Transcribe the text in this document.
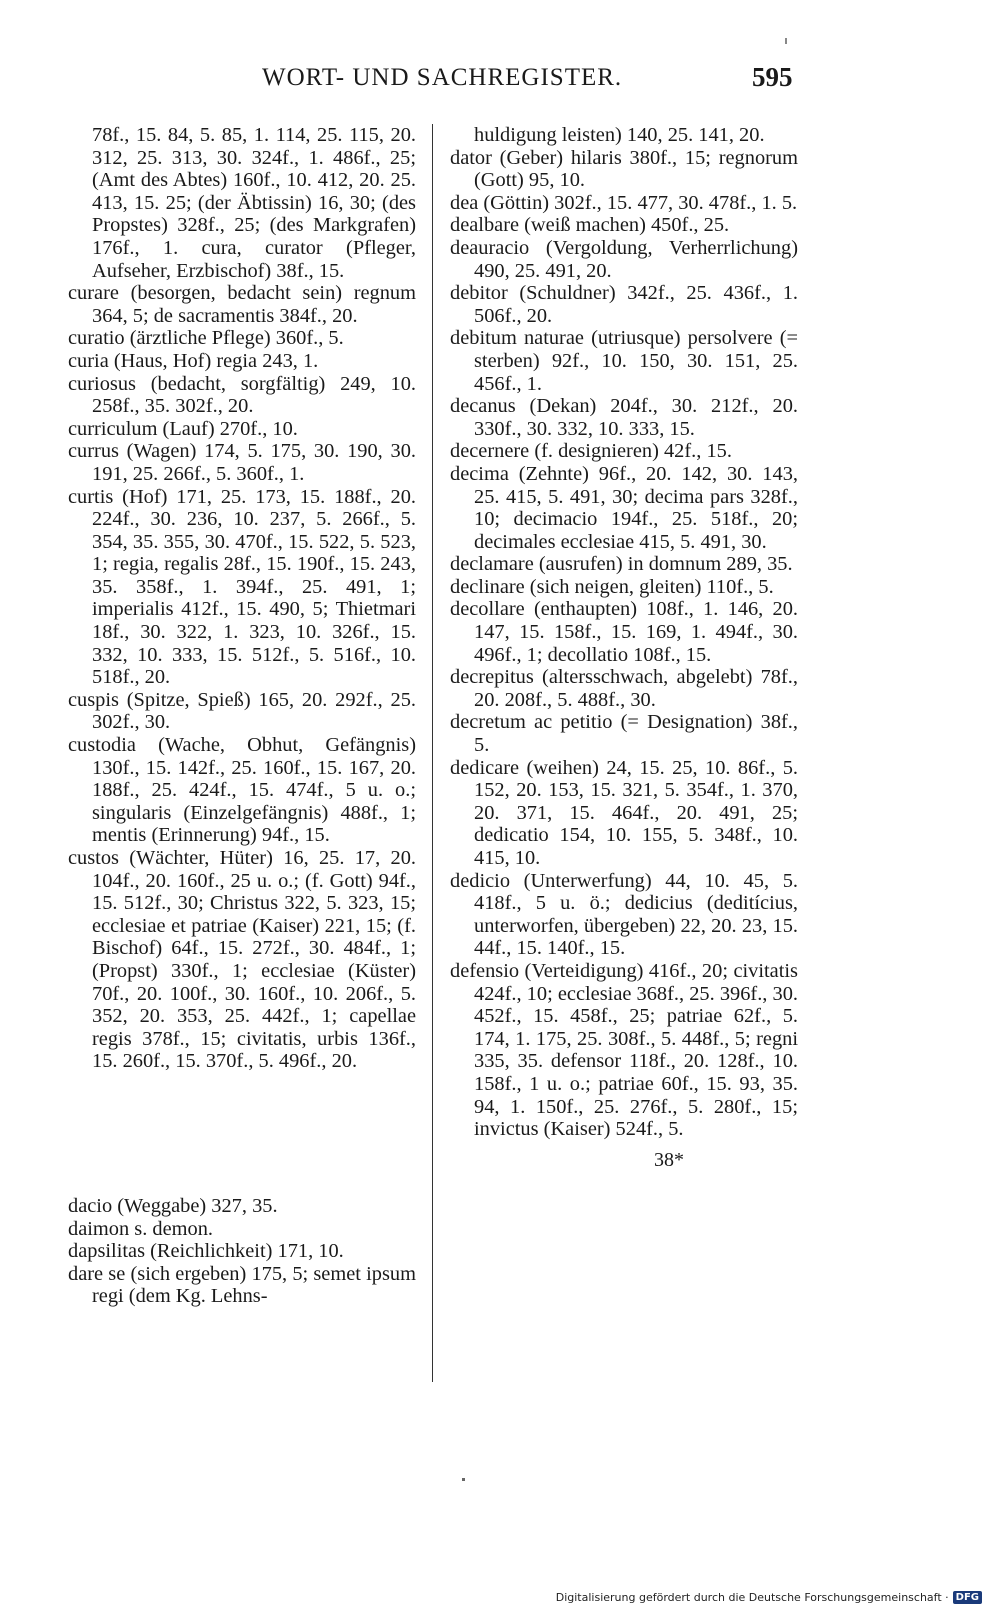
WORT- UND SACHREGISTER.	595

78f., 15. 84, 5. 85, 1. 114, 25. 115, 20. 312, 25. 313, 30. 324f., 1. 486f., 25; (Amt des Abtes) 160f., 10. 412, 20. 25. 413, 15. 25; (der Äbtissin) 16, 30; (des Propstes) 328f., 25; (des Markgrafen) 176f., 1. cura, curator (Pfleger, Aufseher, Erzbischof) 38f., 15.

curare (besorgen, bedacht sein) regnum 364, 5; de sacramentis 384f., 20.

curatio (ärztliche Pflege) 360f., 5.

curia (Haus, Hof) regia 243, 1.

curiosus (bedacht, sorgfältig) 249, 10. 258f., 35. 302f., 20.

curriculum (Lauf) 270f., 10.

currus (Wagen) 174, 5. 175, 30. 190, 30. 191, 25. 266f., 5. 360f., 1.

curtis (Hof) 171, 25. 173, 15. 188f., 20. 224f., 30. 236, 10. 237, 5. 266f., 5. 354, 35. 355, 30. 470f., 15. 522, 5. 523, 1; regia, regalis 28f., 15. 190f., 15. 243, 35. 358f., 1. 394f., 25. 491, 1; imperialis 412f., 15. 490, 5; Thietmari 18f., 30. 322, 1. 323, 10. 326f., 15. 332, 10. 333, 15. 512f., 5. 516f., 10. 518f., 20.

cuspis (Spitze, Spieß) 165, 20. 292f., 25. 302f., 30.

custodia (Wache, Obhut, Gefängnis) 130f., 15. 142f., 25. 160f., 15. 167, 20. 188f., 25. 424f., 15. 474f., 5 u. o.; singularis (Einzelgefängnis) 488f., 1; mentis (Erinnerung) 94f., 15.

custos (Wächter, Hüter) 16, 25. 17, 20. 104f., 20. 160f., 25 u. o.; (f. Gott) 94f., 15. 512f., 30; Christus 322, 5. 323, 15; ecclesiae et patriae (Kaiser) 221, 15; (f. Bischof) 64f., 15. 272f., 30. 484f., 1; (Propst) 330f., 1; ecclesiae (Küster) 70f., 20. 100f., 30. 160f., 10. 206f., 5. 352, 20. 353, 25. 442f., 1; capellae regis 378f., 15; civitatis, urbis 136f., 15. 260f., 15. 370f., 5. 496f., 20.

dacio (Weggabe) 327, 35.

daimon s. demon.

dapsilitas (Reichlichkeit) 171, 10.

dare se (sich ergeben) 175, 5; semet ipsum regi (dem Kg. Lehns-

huldigung leisten) 140, 25. 141, 20.

dator (Geber) hilaris 380f., 15; regnorum (Gott) 95, 10.

dea (Göttin) 302f., 15. 477, 30. 478f., 1. 5.

dealbare (weiß machen) 450f., 25.

deauracio (Vergoldung, Verherrlichung) 490, 25. 491, 20.

debitor (Schuldner) 342f., 25. 436f., 1. 506f., 20.

debitum naturae (utriusque) persolvere (= sterben) 92f., 10. 150, 30. 151, 25. 456f., 1.

decanus (Dekan) 204f., 30. 212f., 20. 330f., 30. 332, 10. 333, 15.

decernere (f. designieren) 42f., 15.

decima (Zehnte) 96f., 20. 142, 30. 143, 25. 415, 5. 491, 30; decima pars 328f., 10; decimacio 194f., 25. 518f., 20; decimales ecclesiae 415, 5. 491, 30.

declamare (ausrufen) in domnum 289, 35.

declinare (sich neigen, gleiten) 110f., 5.

decollare (enthaupten) 108f., 1. 146, 20. 147, 15. 158f., 15. 169, 1. 494f., 30. 496f., 1; decollatio 108f., 15.

decrepitus (altersschwach, abgelebt) 78f., 20. 208f., 5. 488f., 30.

decretum ac petitio (= Designation) 38f., 5.

dedicare (weihen) 24, 15. 25, 10. 86f., 5. 152, 20. 153, 15. 321, 5. 354f., 1. 370, 20. 371, 15. 464f., 20. 491, 25; dedicatio 154, 10. 155, 5. 348f., 10. 415, 10.

dedicio (Unterwerfung) 44, 10. 45, 5. 418f., 5 u. ö.; dedicius (deditícius, unterworfen, übergeben) 22, 20. 23, 15. 44f., 15. 140f., 15.

defensio (Verteidigung) 416f., 20; civitatis 424f., 10; ecclesiae 368f., 25. 396f., 30. 452f., 15. 458f., 25; patriae 62f., 5. 174, 1. 175, 25. 308f., 5. 448f., 5; regni 335, 35. defensor 118f., 20. 128f., 10. 158f., 1 u. o.; patriae 60f., 15. 93, 35. 94, 1. 150f., 25. 276f., 5. 280f., 15; invictus (Kaiser) 524f., 5.

38*
Digitalisierung gefördert durch die Deutsche Forschungsgemeinschaft · DFG
